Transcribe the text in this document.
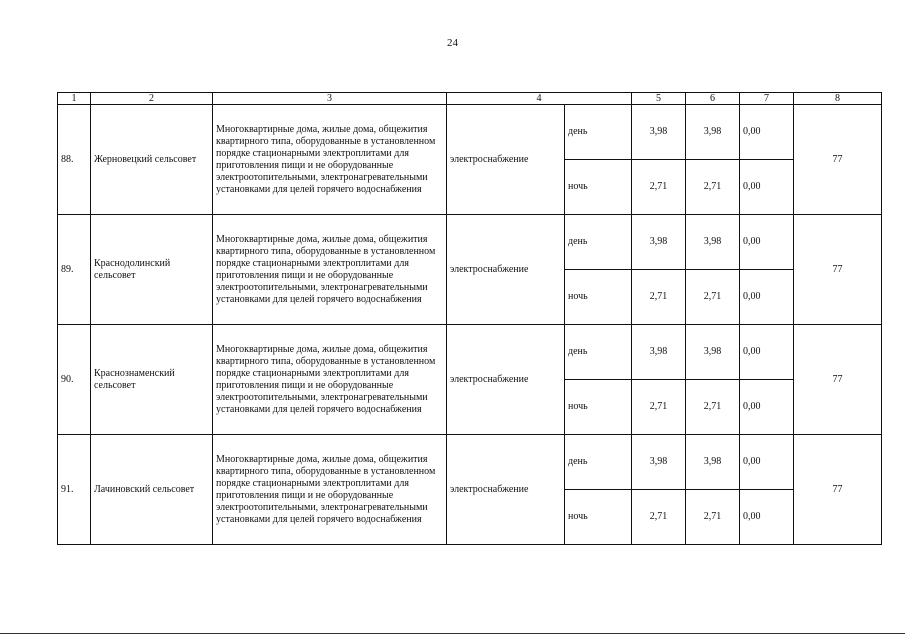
24
1	2	3	4		5	6	7	8
88.	Жерновецкий сельсовет	Многоквартирные дома, жилые дома, общежития квартирного типа, оборудованные в установленном порядке стационарными электроплитами для приготовления пищи и не оборудованные электроотопительными, электронагревательными установками для целей горячего водоснабжения	электроснабжение	день	3,98	3,98	0,00	77
				ночь	2,71	2,71	0,00	
89.	Краснодолинский сельсовет	Многоквартирные дома, жилые дома, общежития квартирного типа, оборудованные в установленном порядке стационарными электроплитами для приготовления пищи и не оборудованные электроотопительными, электронагревательными установками для целей горячего водоснабжения	электроснабжение	день	3,98	3,98	0,00	77
				ночь	2,71	2,71	0,00	
90.	Краснознаменский сельсовет	Многоквартирные дома, жилые дома, общежития квартирного типа, оборудованные в установленном порядке стационарными электроплитами для приготовления пищи и не оборудованные электроотопительными, электронагревательными установками для целей горячего водоснабжения	электроснабжение	день	3,98	3,98	0,00	77
				ночь	2,71	2,71	0,00	
91.	Лачиновский сельсовет	Многоквартирные дома, жилые дома, общежития квартирного типа, оборудованные в установленном порядке стационарными электроплитами для приготовления пищи и не оборудованные электроотопительными, электронагревательными установками для целей горячего водоснабжения	электроснабжение	день	3,98	3,98	0,00	77
				ночь	2,71	2,71	0,00	
